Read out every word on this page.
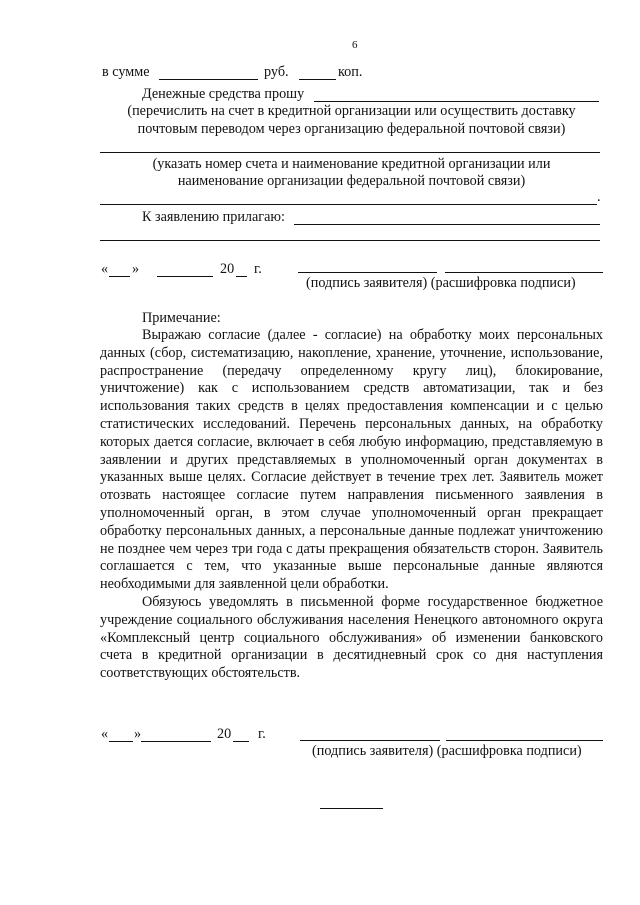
6
в сумме	руб.	коп.
Денежные средства прошу
(перечислить на счет в кредитной организации или осуществить доставку
почтовым переводом через организацию федеральной почтовой связи)
(указать номер счета и наименование кредитной организации или
наименование организации федеральной почтовой связи)
.
К заявлению прилагаю:
« »	20 г.
(подпись заявителя) (расшифровка подписи)
Примечание:

Выражаю согласие (далее - согласие) на обработку моих персональных данных (сбор, систематизацию, накопление, хранение, уточнение, использование, распространение (передачу определенному кругу лиц), блокирование, уничтожение) как с использованием средств автоматизации, так и без использования таких средств в целях предоставления компенсации и с целью статистических исследований. Перечень персональных данных, на обработку которых дается согласие, включает в себя любую информацию, представляемую в заявлении и других представляемых в уполномоченный орган документах в указанных выше целях. Согласие действует в течение трех лет. Заявитель может отозвать настоящее согласие путем направления письменного заявления в уполномоченный орган, в этом случае уполномоченный орган прекращает обработку персональных данных, а персональные данные подлежат уничтожению не позднее чем через три года с даты прекращения обязательств сторон. Заявитель соглашается с тем, что указанные выше персональные данные являются необходимыми для заявленной цели обработки.

Обязуюсь уведомлять в письменной форме государственное бюджетное учреждение социального обслуживания населения Ненецкого автономного округа «Комплексный центр социального обслуживания» об изменении банковского счета в кредитной организации в десятидневный срок со дня наступления соответствующих обстоятельств.

« »	20 г.
(подпись заявителя) (расшифровка подписи)
